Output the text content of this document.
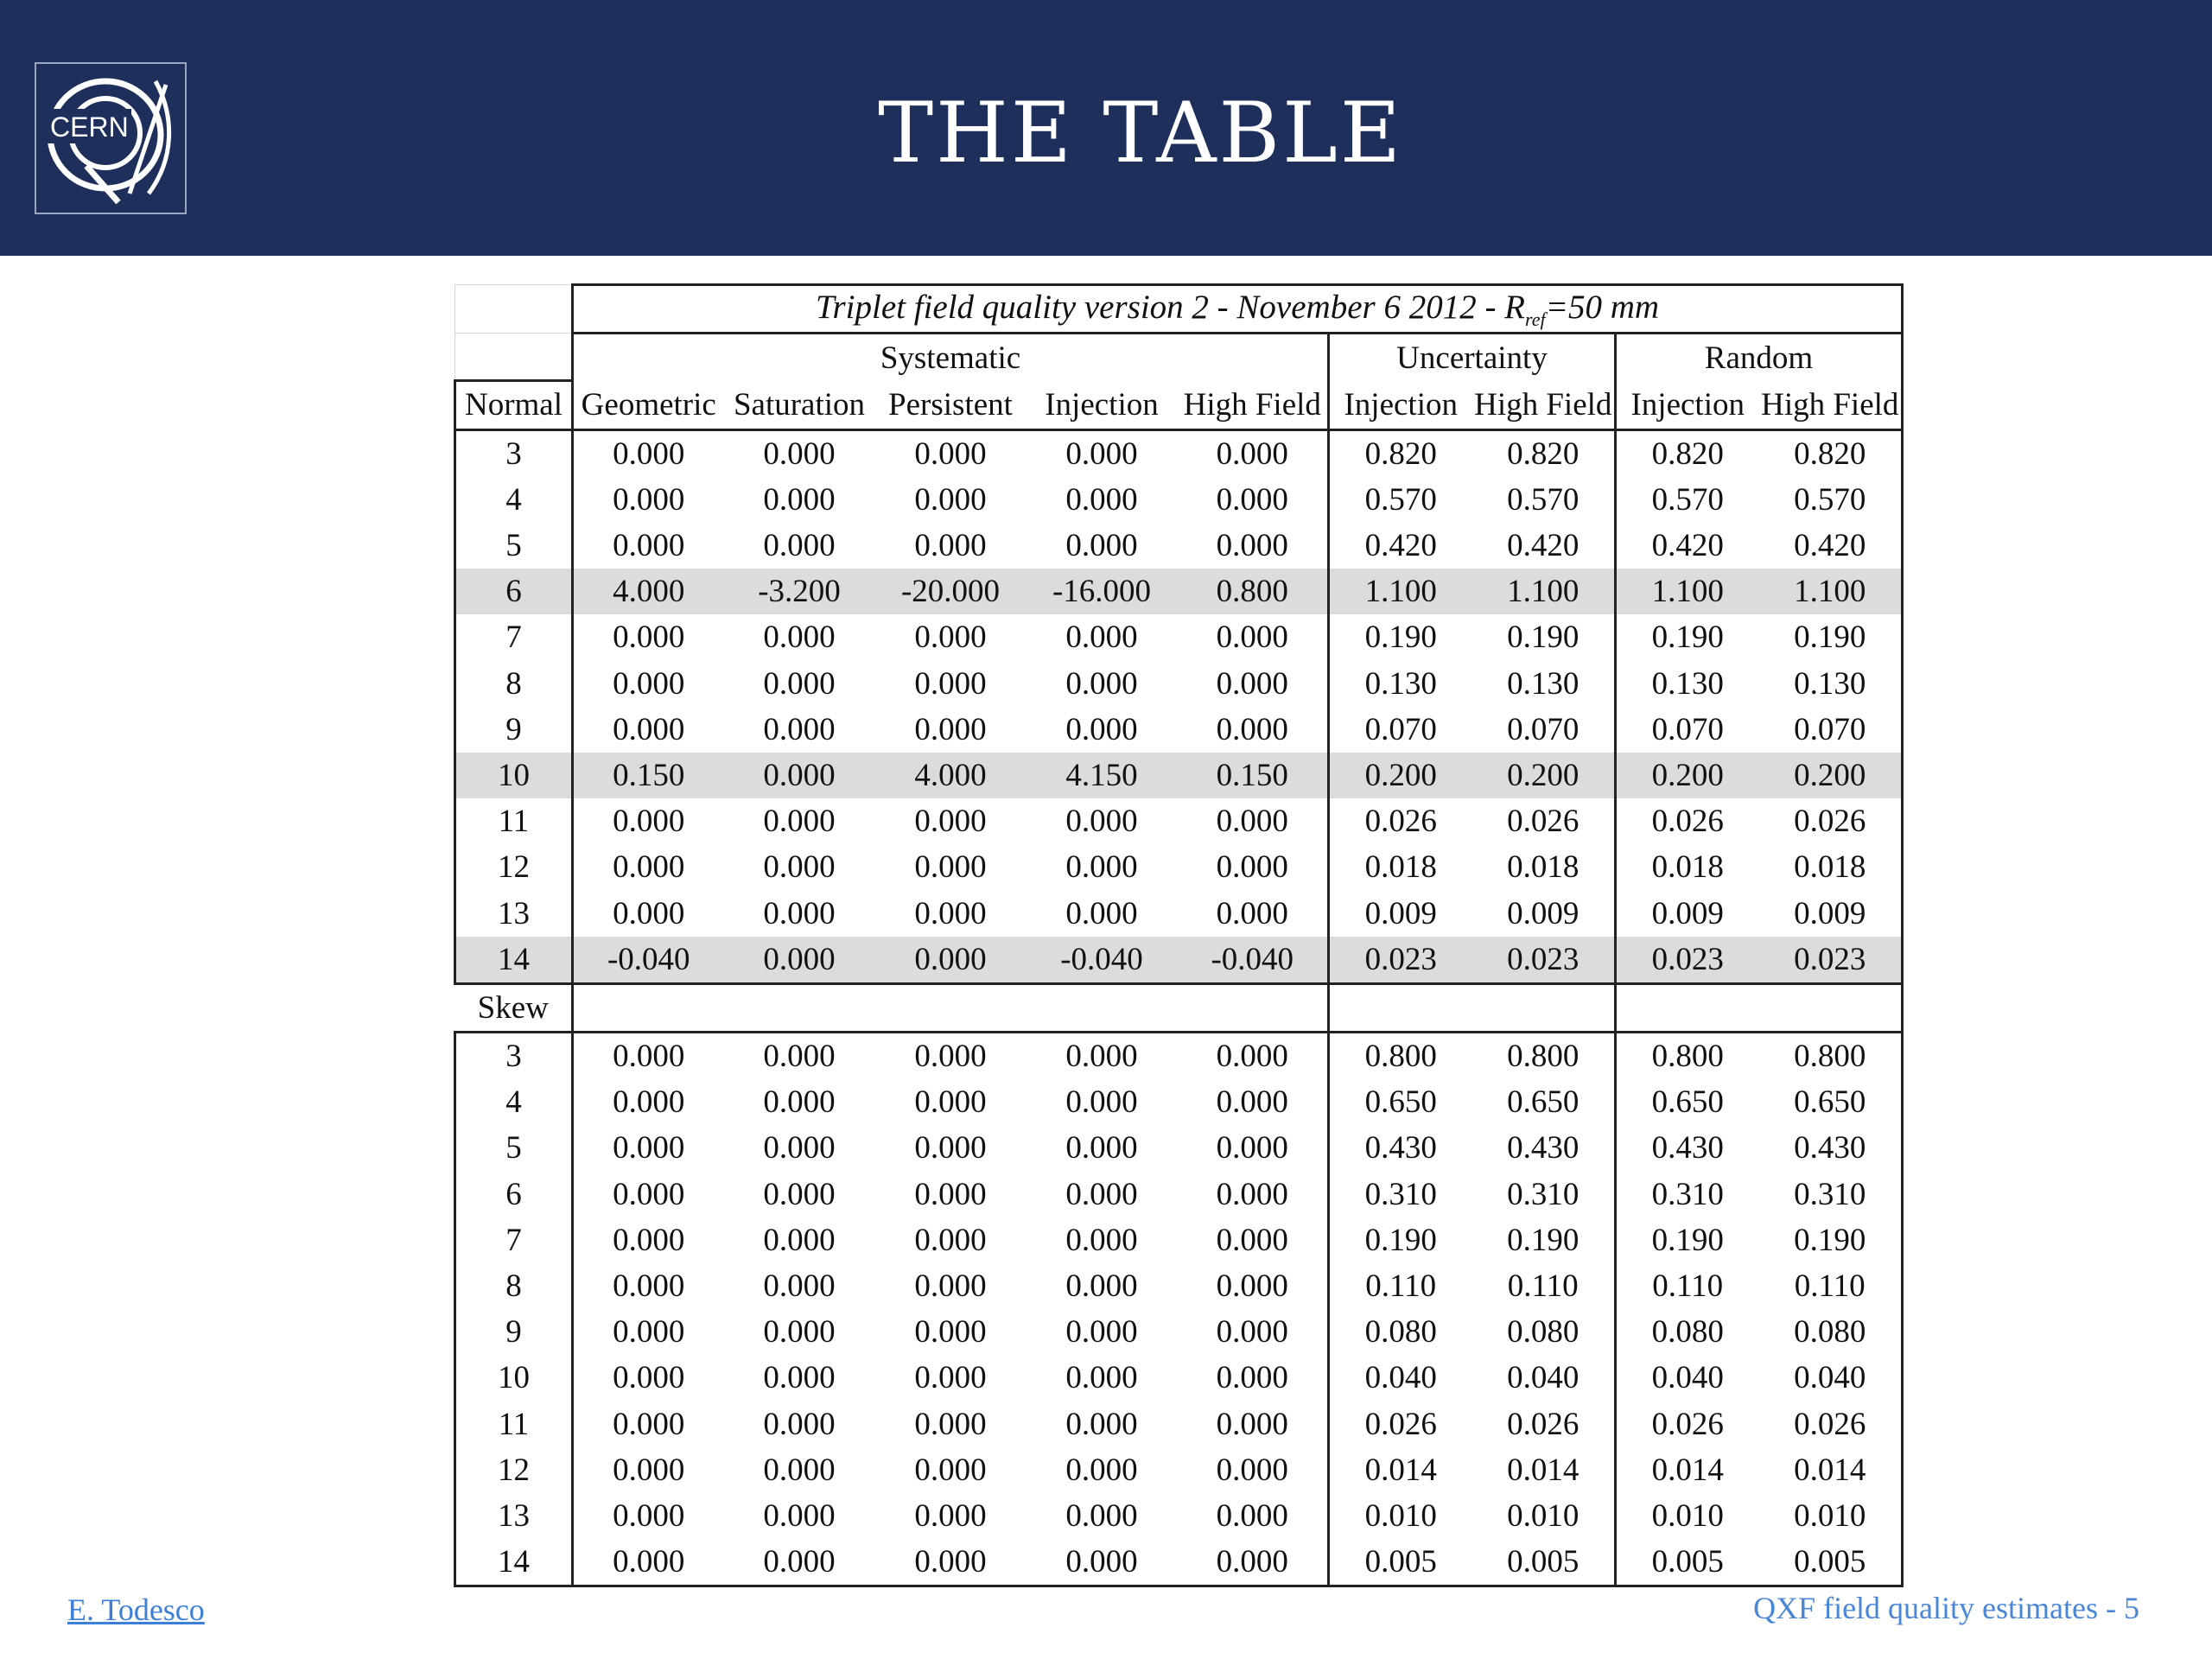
CERN	THE TABLE
	Triplet field quality version 2 - November 6 $2012 - R_{ref}=50$ mm								
	Systematic					Uncertainty		Random	
Normal	Geometric	Saturation	Persistent	Injection	High Field	Injection	High Field	Injection	High Field
3	0.000	0.000	0.000	0.000	0.000	0.820	0.820	0.820	0.820
4	0.000	0.000	0.000	0.000	0.000	0.570	0.570	0.570	0.570
5	0.000	0.000	0.000	0.000	0.000	0.420	0.420	0.420	0.420
6	4.000	-3.200	-20.000	-16.000	0.800	1.100	1.100	1.100	1.100
7	0.000	0.000	0.000	0.000	0.000	0.190	0.190	0.190	0.190
8	0.000	0.000	0.000	0.000	0.000	0.130	0.130	0.130	0.130
9	0.000	0.000	0.000	0.000	0.000	0.070	0.070	0.070	0.070
10	0.150	0.000	4.000	4.150	0.150	0.200	0.200	0.200	0.200
11	0.000	0.000	0.000	0.000	0.000	0.026	0.026	0.026	0.026
12	0.000	0.000	0.000	0.000	0.000	0.018	0.018	0.018	0.018
13	0.000	0.000	0.000	0.000	0.000	0.009	0.009	0.009	0.009
14	-0.040	0.000	0.000	-0.040	-0.040	0.023	0.023	0.023	0.023
Skew									
3	0.000	0.000	0.000	0.000	0.000	0.800	0.800	0.800	0.800
4	0.000	0.000	0.000	0.000	0.000	0.650	0.650	0.650	0.650
5	0.000	0.000	0.000	0.000	0.000	0.430	0.430	0.430	0.430
6	0.000	0.000	0.000	0.000	0.000	0.310	0.310	0.310	0.310
7	0.000	0.000	0.000	0.000	0.000	0.190	0.190	0.190	0.190
8	0.000	0.000	0.000	0.000	0.000	0.110	0.110	0.110	0.110
9	0.000	0.000	0.000	0.000	0.000	0.080	0.080	0.080	0.080
10	0.000	0.000	0.000	0.000	0.000	0.040	0.040	0.040	0.040
11	0.000	0.000	0.000	0.000	0.000	0.026	0.026	0.026	0.026
12	0.000	0.000	0.000	0.000	0.000	0.014	0.014	0.014	0.014
13	0.000	0.000	0.000	0.000	0.000	0.010	0.010	0.010	0.010
14	0.000	0.000	0.000	0.000	0.000	0.005	0.005	0.005	0.005
E. Todesco	QXF field quality estimates - 5
